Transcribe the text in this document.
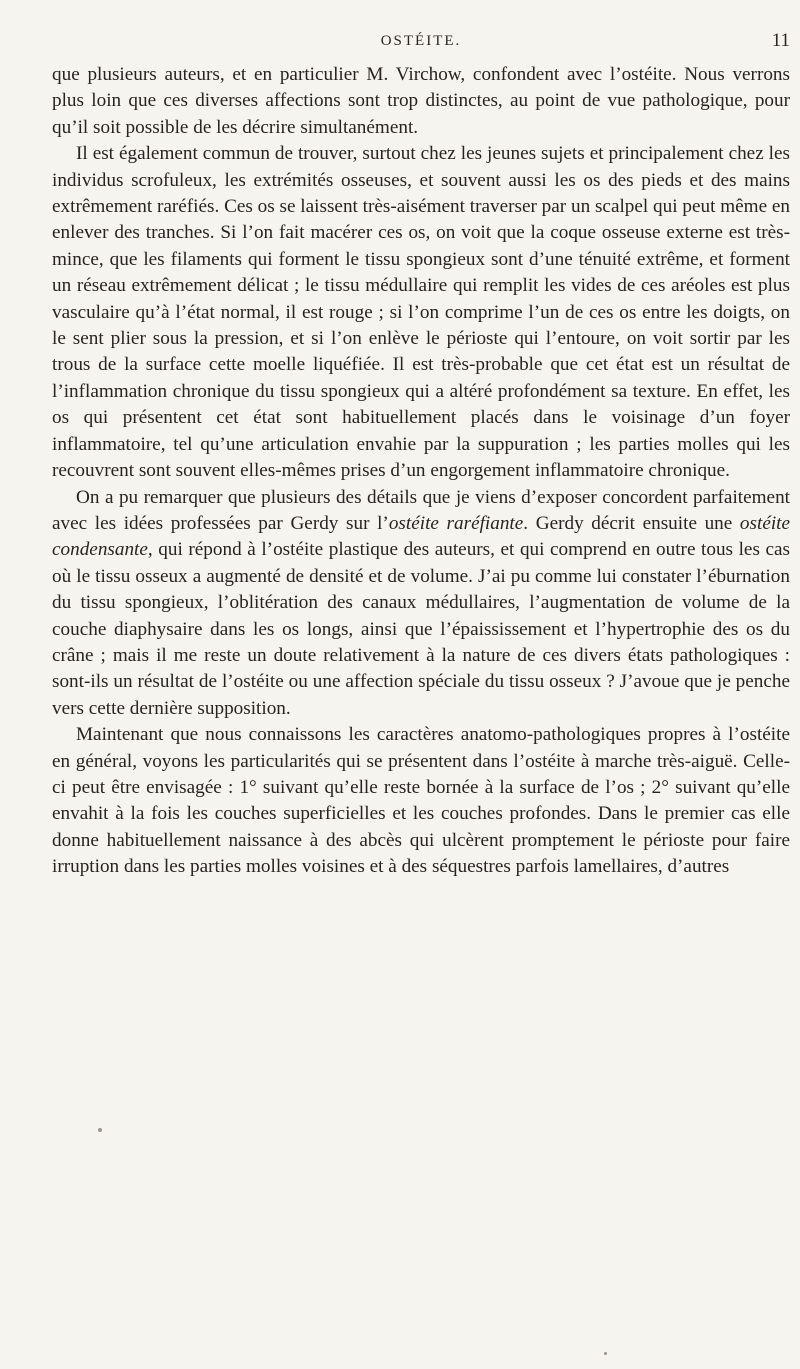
OSTÉITE.	11

que plusieurs auteurs, et en particulier M. Virchow, confondent avec l’ostéite. Nous verrons plus loin que ces diverses affections sont trop distinctes, au point de vue pathologique, pour qu’il soit possible de les décrire simultanément.

Il est également commun de trouver, surtout chez les jeunes sujets et principalement chez les individus scrofuleux, les extrémités osseuses, et souvent aussi les os des pieds et des mains extrêmement raréfiés. Ces os se laissent très-aisément traverser par un scalpel qui peut même en enlever des tranches. Si l’on fait macérer ces os, on voit que la coque osseuse externe est très-mince, que les filaments qui forment le tissu spongieux sont d’une ténuité extrême, et forment un réseau extrêmement délicat ; le tissu médullaire qui remplit les vides de ces aréoles est plus vasculaire qu’à l’état normal, il est rouge ; si l’on comprime l’un de ces os entre les doigts, on le sent plier sous la pression, et si l’on enlève le périoste qui l’entoure, on voit sortir par les trous de la surface cette moelle liquéfiée. Il est très-probable que cet état est un résultat de l’inflammation chronique du tissu spongieux qui a altéré profondément sa texture. En effet, les os qui présentent cet état sont habituellement placés dans le voisinage d’un foyer inflammatoire, tel qu’une articulation envahie par la suppuration ; les parties molles qui les recouvrent sont souvent elles-mêmes prises d’un engorgement inflammatoire chronique.

On a pu remarquer que plusieurs des détails que je viens d’exposer concordent parfaitement avec les idées professées par Gerdy sur l’ostéite raréfiante. Gerdy décrit ensuite une ostéite condensante, qui répond à l’ostéite plastique des auteurs, et qui comprend en outre tous les cas où le tissu osseux a augmenté de densité et de volume. J’ai pu comme lui constater l’éburnation du tissu spongieux, l’oblitération des canaux médullaires, l’augmentation de volume de la couche diaphysaire dans les os longs, ainsi que l’épaississement et l’hypertrophie des os du crâne ; mais il me reste un doute relativement à la nature de ces divers états pathologiques : sont-ils un résultat de l’ostéite ou une affection spéciale du tissu osseux ? J’avoue que je penche vers cette dernière supposition.

Maintenant que nous connaissons les caractères anatomo-pathologiques propres à l’ostéite en général, voyons les particularités qui se présentent dans l’ostéite à marche très-aiguë. Celle-ci peut être envisagée : 1° suivant qu’elle reste bornée à la surface de l’os ; 2° suivant qu’elle envahit à la fois les couches superficielles et les couches profondes. Dans le premier cas elle donne habituellement naissance à des abcès qui ulcèrent promptement le périoste pour faire irruption dans les parties molles voisines et à des séquestres parfois lamellaires, d’autres
